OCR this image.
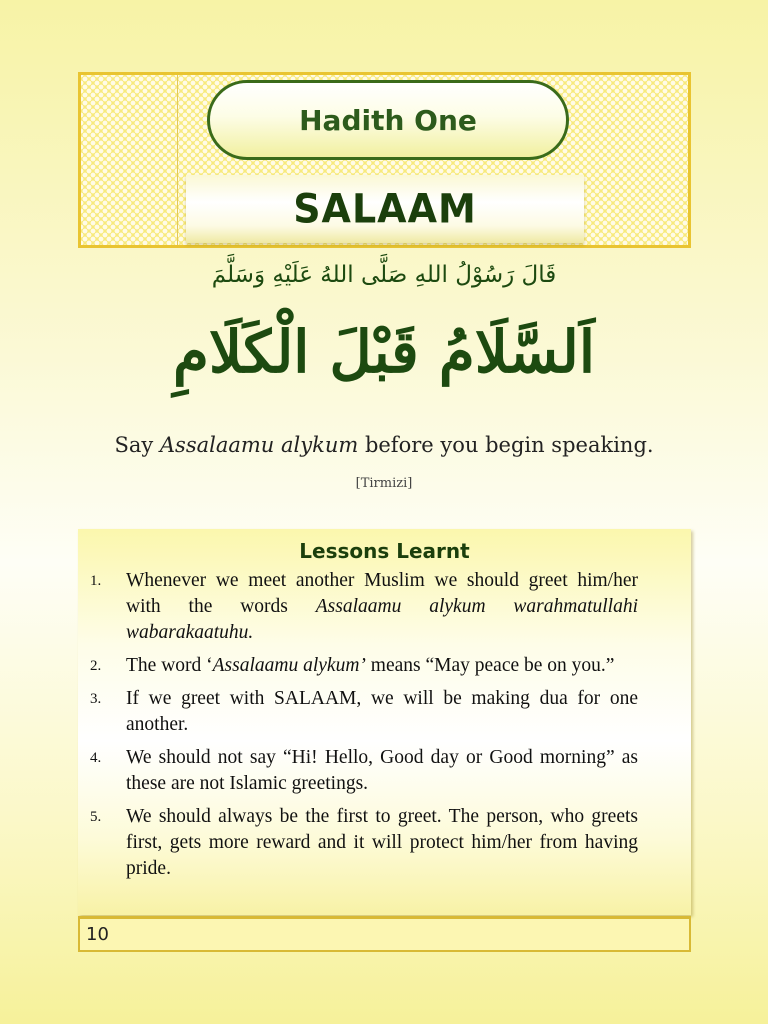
Hadith One
SALAAM
قَالَ رَسُوْلُ اللهِ صَلَّى اللهُ عَلَيْهِ وَسَلَّمَ
اَلسَّلَامُ قَبْلَ الْكَلَامِ
Say Assalaamu alykum before you begin speaking.
[Tirmizi]
Lessons Learnt
1. Whenever we meet another Muslim we should greet him/her with the words Assalaamu alykum warahmatullahi wabarakaatuhu.
2. The word ‘Assalaamu alykum’ means “May peace be on you.”
3. If we greet with SALAAM, we will be making dua for one another.
4. We should not say “Hi! Hello, Good day or Good morning” as these are not Islamic greetings.
5. We should always be the first to greet. The person, who greets first, gets more reward and it will protect him/her from having pride.
10
